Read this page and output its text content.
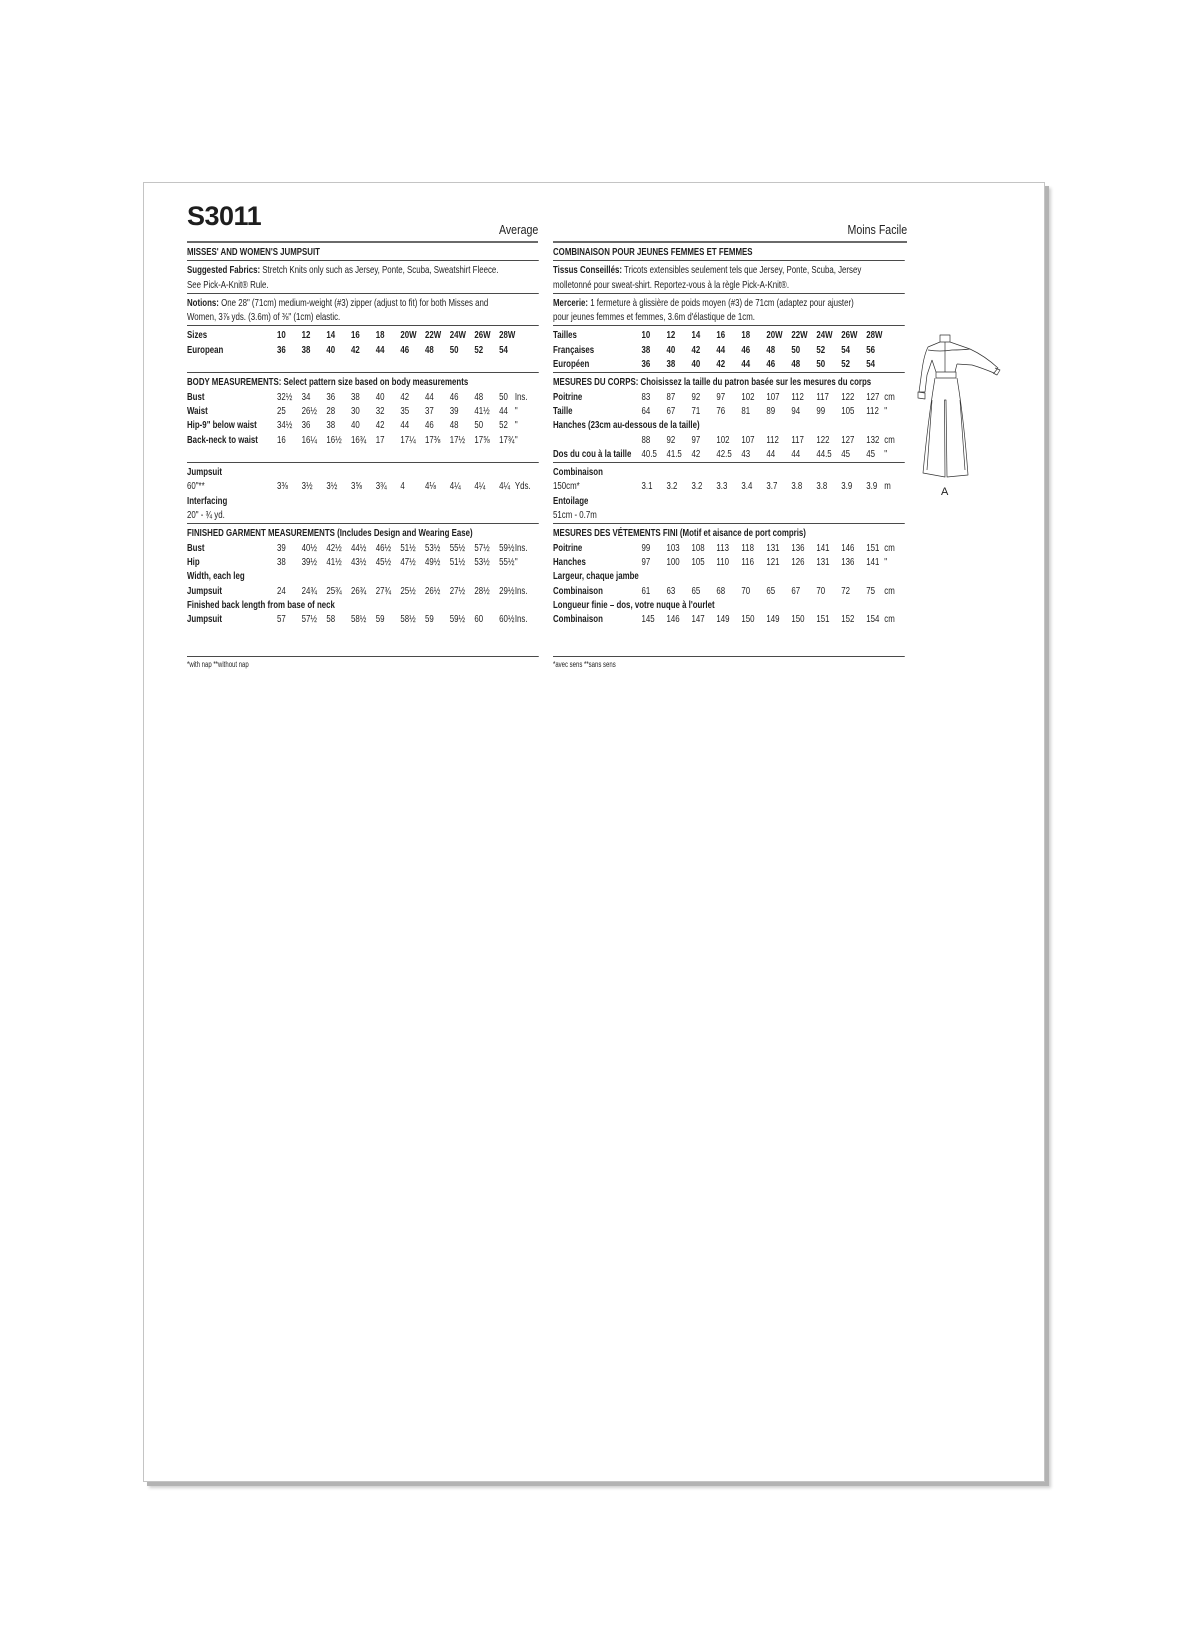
S3011	Average	Moins Facile
MISSES' AND WOMEN'S JUMPSUIT
Suggested Fabrics: Stretch Knits only such as Jersey, Ponte, Scuba, Sweatshirt Fleece.
See Pick-A-Knit® Rule.
Notions: One 28" (71cm) medium-weight (#3) zipper (adjust to fit) for both Misses and
Women, 3⅞ yds. (3.6m) of ⅜" (1cm) elastic.
Sizes	10 12 14 16 18 20W 22W 24W 26W 28W
European	36 38 40 42 44 46 48 50 52 54
BODY MEASUREMENTS: Select pattern size based on body measurements
Bust	32½ 34 36 38 40 42 44 46 48 50 Ins.
Waist	25 26½ 28 30 32 35 37 39 41½ 44 "
Hip-9" below waist 34½ 36 38 40 42 44 46 48 50 52 "
Back-neck to waist 16 16¼ 16½ 16¾ 17 17¼ 17⅜ 17½ 17⅝ 17¾ "
Jumpsuit
60"**	3⅜ 3½ 3½ 3⅝ 3¾ 4 4⅛ 4¼ 4¼ 4¼ Yds.
Interfacing
20" - ¾ yd.
FINISHED GARMENT MEASUREMENTS (Includes Design and Wearing Ease)
Bust	39 40½ 42½ 44½ 46½ 51½ 53½ 55½ 57½ 59½ Ins.
Hip	38 39½ 41½ 43½ 45½ 47½ 49½ 51½ 53½ 55½ "
Width, each leg
Jumpsuit	24 24¾ 25¾ 26¾ 27¾ 25½ 26½ 27½ 28½ 29½ Ins.
Finished back length from base of neck
Jumpsuit	57 57½ 58 58½ 59 58½ 59 59½ 60 60½ Ins.
*with nap **without nap
COMBINAISON POUR JEUNES FEMMES ET FEMMES
Tissus Conseillés: Tricots extensibles seulement tels que Jersey, Ponte, Scuba, Jersey
molletonné pour sweat-shirt. Reportez-vous à la règle Pick-A-Knit®.
Mercerie: 1 fermeture à glissière de poids moyen (#3) de 71cm (adaptez pour ajuster)
pour jeunes femmes et femmes, 3.6m d'élastique de 1cm.
Tailles	10 12 14 16 18 20W 22W 24W 26W 28W
Françaises	38 40 42 44 46 48 50 52 54 56
Européen	36 38 40 42 44 46 48 50 52 54
MESURES DU CORPS: Choisissez la taille du patron basée sur les mesures du corps
Poitrine	83 87 92 97 102 107 112 117 122 127 cm
Taille	64 67 71 76 81 89 94 99 105 112 "
Hanches (23cm au-dessous de la taille)
88 92 97 102 107 112 117 122 127 132 cm
Dos du cou à la taille 40.5 41.5 42 42.5 43 44 44 44.5 45 45 "
Combinaison
150cm*	3.1 3.2 3.2 3.3 3.4 3.7 3.8 3.8 3.9 3.9 m
Entoilage
51cm - 0.7m
MESURES DES VÉTEMENTS FINI (Motif et aisance de port compris)
Poitrine	99 103 108 113 118 131 136 141 146 151 cm
Hanches	97 100 105 110 116 121 126 131 136 141 "
Largeur, chaque jambe
Combinaison	61 63 65 68 70 65 67 70 72 75 cm
Longueur finie – dos, votre nuque à l'ourlet
Combinaison	145 146 147 149 150 149 150 151 152 154 cm
*avec sens **sans sens
A
